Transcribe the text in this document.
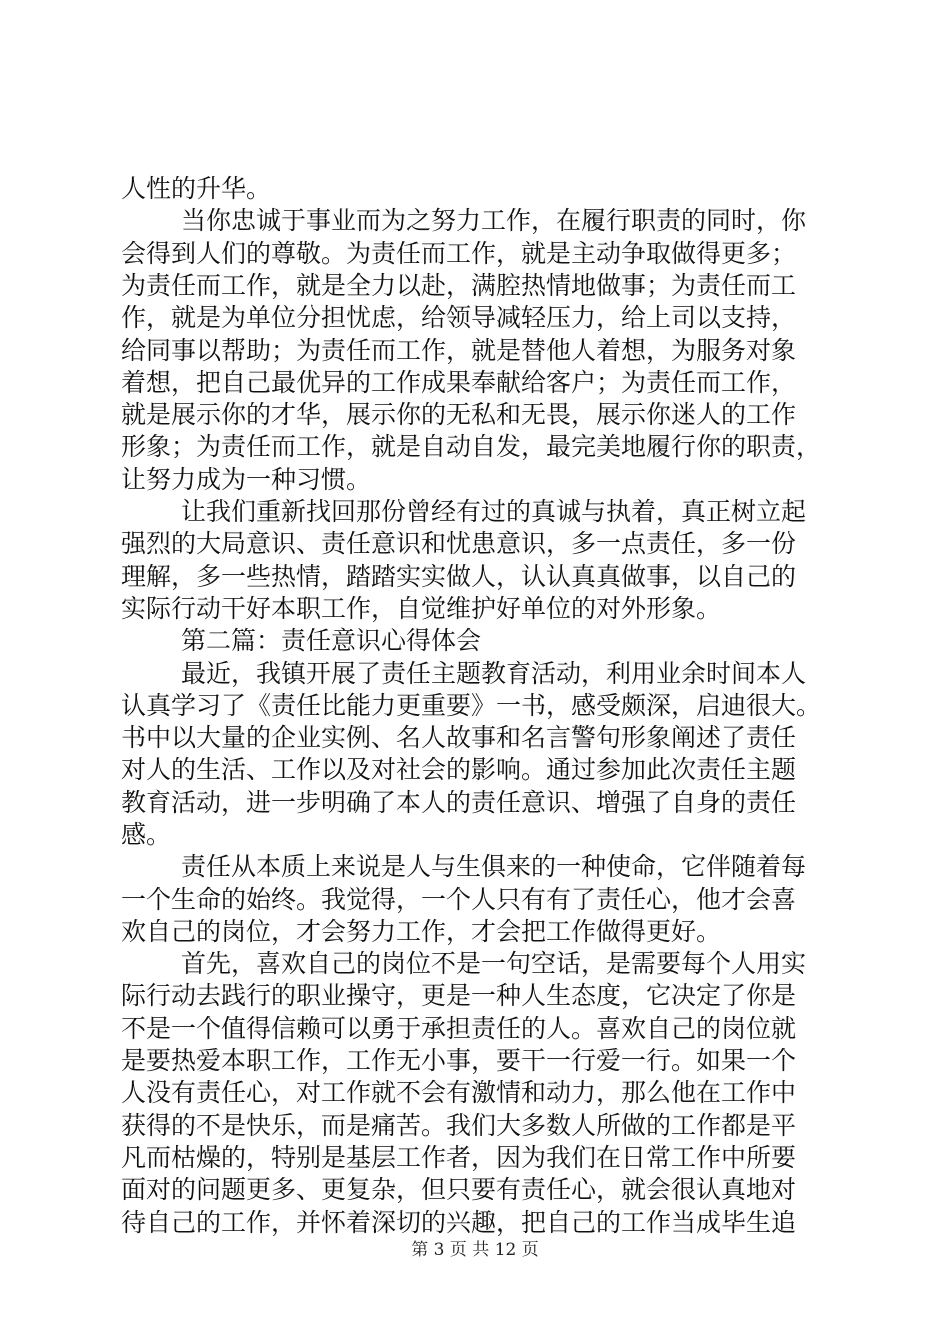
人性的升华。
当你忠诚于事业而为之努力工作，在履行职责的同时，你
会得到人们的尊敬。为责任而工作，就是主动争取做得更多；
为责任而工作，就是全力以赴，满腔热情地做事；为责任而工
作，就是为单位分担忧虑，给领导减轻压力，给上司以支持，
给同事以帮助；为责任而工作，就是替他人着想，为服务对象
着想，把自己最优异的工作成果奉献给客户；为责任而工作，
就是展示你的才华，展示你的无私和无畏，展示你迷人的工作
形象；为责任而工作，就是自动自发，最完美地履行你的职责，
让努力成为一种习惯。
让我们重新找回那份曾经有过的真诚与执着，真正树立起
强烈的大局意识、责任意识和忧患意识，多一点责任，多一份
理解，多一些热情，踏踏实实做人，认认真真做事，以自己的
实际行动干好本职工作，自觉维护好单位的对外形象。
第二篇：责任意识心得体会
最近，我镇开展了责任主题教育活动，利用业余时间本人
认真学习了《责任比能力更重要》一书，感受颇深，启迪很大。
书中以大量的企业实例、名人故事和名言警句形象阐述了责任
对人的生活、工作以及对社会的影响。通过参加此次责任主题
教育活动，进一步明确了本人的责任意识、增强了自身的责任
感。
责任从本质上来说是人与生俱来的一种使命，它伴随着每
一个生命的始终。我觉得，一个人只有有了责任心，他才会喜
欢自己的岗位，才会努力工作，才会把工作做得更好。
首先，喜欢自己的岗位不是一句空话，是需要每个人用实
际行动去践行的职业操守，更是一种人生态度，它决定了你是
不是一个值得信赖可以勇于承担责任的人。喜欢自己的岗位就
是要热爱本职工作，工作无小事，要干一行爱一行。如果一个
人没有责任心，对工作就不会有激情和动力，那么他在工作中
获得的不是快乐，而是痛苦。我们大多数人所做的工作都是平
凡而枯燥的，特别是基层工作者，因为我们在日常工作中所要
面对的问题更多、更复杂，但只要有责任心，就会很认真地对
待自己的工作，并怀着深切的兴趣，把自己的工作当成毕生追
第 3 页 共 12 页
